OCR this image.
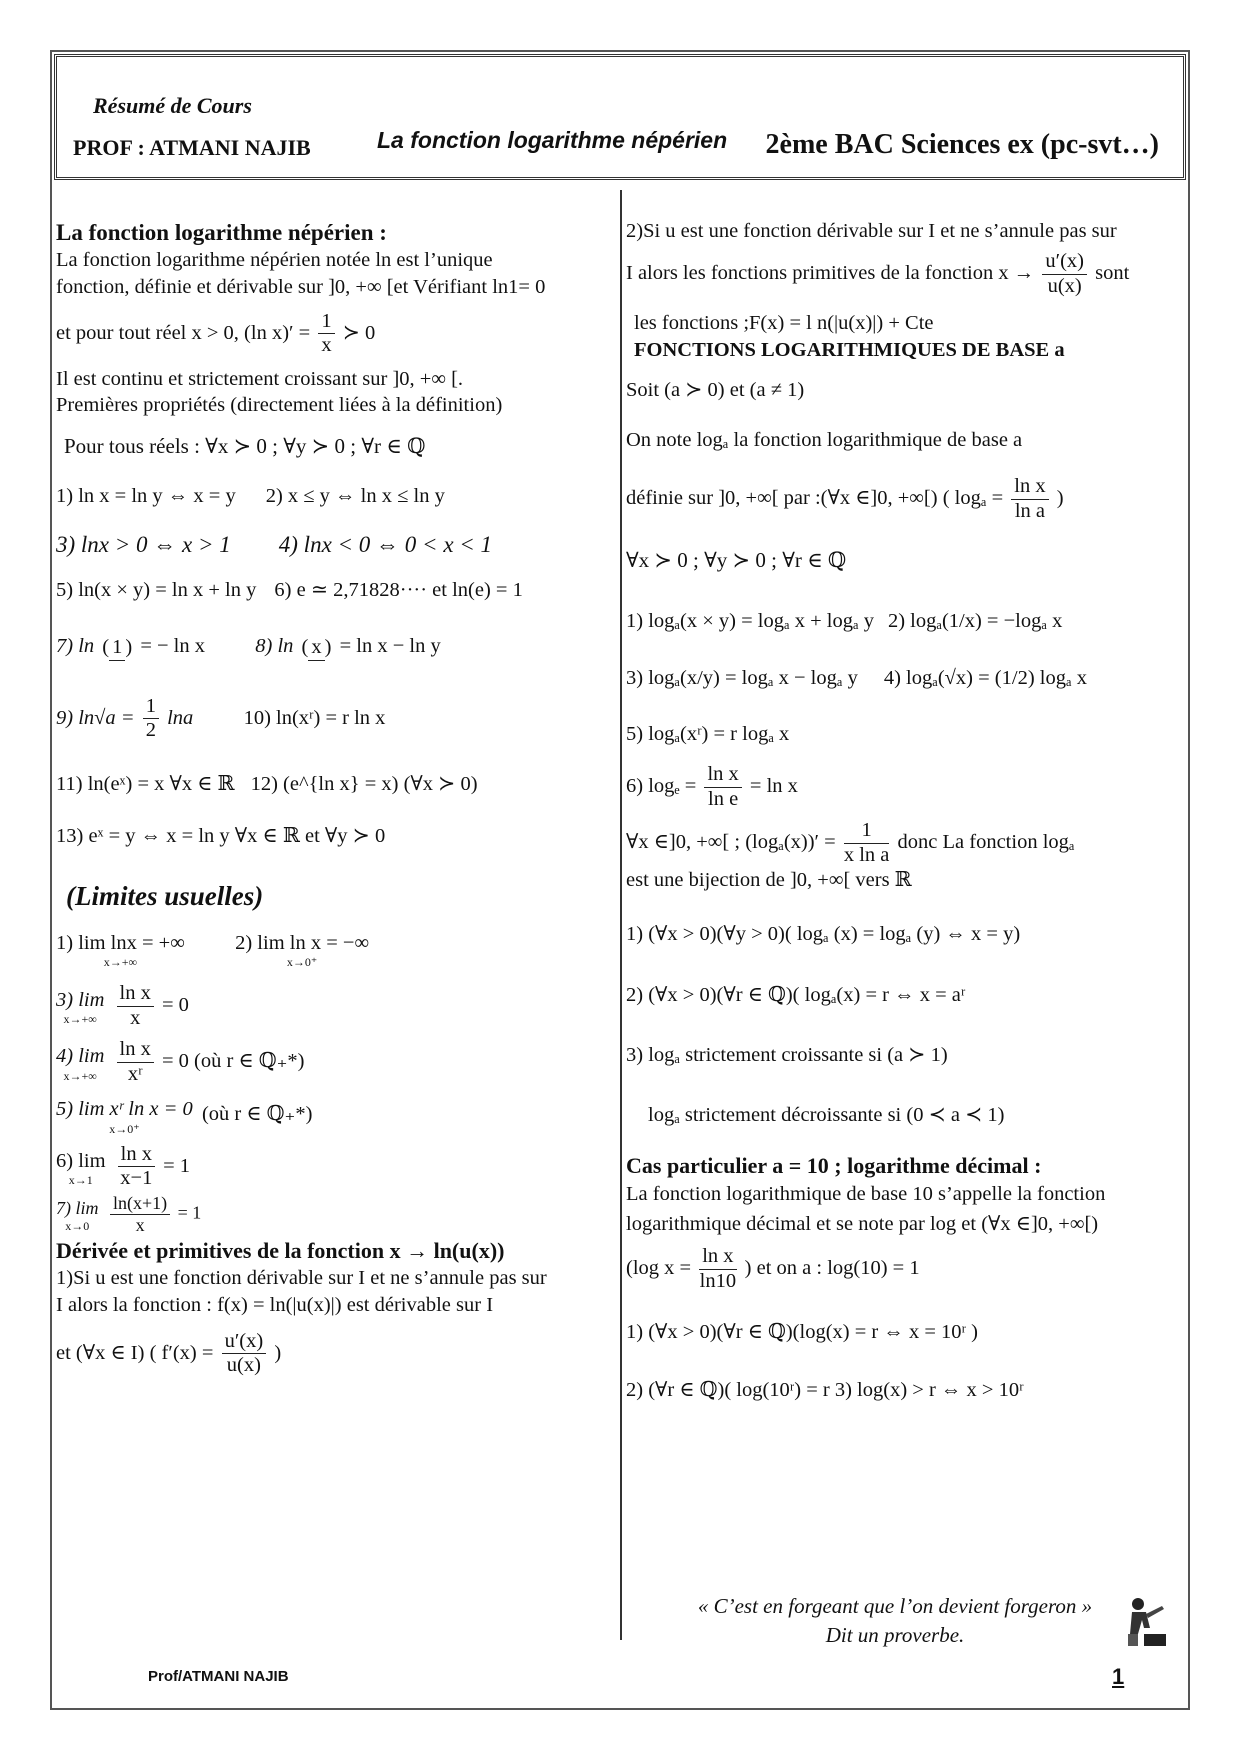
Résumé de Cours
PROF : ATMANI NAJIB	La fonction logarithme népérien 2ème BAC Sciences ex (pc-svt…)

La fonction logarithme népérien :

La fonction logarithme népérien notée ln est l’unique

fonction, définie et dérivable sur ]0, +∞ [et Vérifiant ln1= 0

et pour tout réel x > 0, (ln $x)' = \frac{1}{x}$ ≻ 0

Il est continu et strictement croissant sur ]0, +∞ [.

Premières propriétés (directement liées à la définition)

Pour tous réels : ∀x ≻ 0 ; ∀y ≻ 0 ; ∀r ∈ ℚ

1) ln x = ln y ⇔ x = y 2) x ≤ y ⇔ ln x ≤ ln y

3) lnx > 0 ⇔ x > 1 4) lnx < 0 ⇔ 0 < x < 1

5) ln(x × y) = ln x + ln y 6) e ≃ 2,71828···· et ln(e) = 1

7) ln ( 1 ) = − ln x 8) ln ( x ) = ln x − ln y

9) $\ln√a = \frac{1}{2}$ lna 10) ln(xʳ) = r ln x

11) ln(eˣ) = x ∀x ∈ ℝ 12) (e^{ln x} = x) (∀x ≻ 0)

13) eˣ = y ⇔ x = ln y ∀x ∈ ℝ et ∀y ≻ 0

(Limites usuelles)

1) lim lnx = +∞
x→+∞
2) lim ln x = −∞
x→0⁺

3) lim
x→+∞
$\frac{\text{ln x}}{x} = 0$

4) lim
x→+∞
$\frac{\text{ln x}}{\text{xʳ}} = 0$ (où r ∈ ℚ₊*)

5) lim xʳ ln x = 0
x→0⁺
(où r ∈ ℚ₊*)

6) lim
x→1
	$\frac{\text{ln x}}{x-1} = 1$

7) lim
x→0
	$\frac{\ln(x+1)}{x} = 1$

Dérivée et primitives de la fonction x → ln(u(x))

1)Si u est une fonction dérivable sur I et ne s’annule pas sur

I alors la fonction : f(x) = ln(|u(x)|) est dérivable sur I

et (∀x ∈ I) ( $f'(x) = \frac{u'(x)}{u(x)}$ )

2)Si u est une fonction dérivable sur I et ne s’annule pas sur

I alors les fonctions primitives de la fonction $x \to \frac{u'(x)}{u(x)}$ sont

les fonctions ;F(x) = l n(|u(x)|) + Cte

FONCTIONS LOGARITHMIQUES DE BASE a

Soit (a ≻ 0) et (a ≠ 1)

On note logₐ la fonction logarithmique de base a

définie sur ]0, +∞[ par :(∀x ∈]0, +∞[) ( $\log_a = \frac{\text{ln x}}{\text{ln a}}$ )

∀x ≻ 0 ; ∀y ≻ 0 ; ∀r ∈ ℚ

1) logₐ(x × y) = logₐ x + logₐ y 2) logₐ(1/x) = −logₐ x

3) logₐ(x/y) = logₐ x − logₐ y 4) logₐ(√x) = (1/2) logₐ x

5) logₐ(xʳ) = r logₐ x

6) $\log_e = \frac{\text{ln x}}{\text{ln e}} = \ln x$

∀x ∈]0, +∞[ ; $(\log_a(x))' = \frac{1}{\text{x ln a}}$ donc La fonction logₐ

est une bijection de ]0, +∞[ vers ℝ

1) (∀x > 0)(∀y > 0)( logₐ (x) = logₐ (y) ⇔ x = y)

2) (∀x > 0)(∀r ∈ ℚ)( logₐ(x) = r ⇔ x = aʳ

3) logₐ strictement croissante si (a ≻ 1)

logₐ strictement décroissante si (0 ≺ a ≺ 1)

Cas particulier a = 10 ; logarithme décimal :

La fonction logarithmique de base 10 s’appelle la fonction

logarithmique décimal et se note par log et (∀x ∈]0, +∞[)

(log $x = \frac{\text{ln x}}{\ln 10}$ ) et on a : log(10) = 1

1) (∀x > 0)(∀r ∈ ℚ)(log(x) = r ⇔ x = 10ʳ )

2) (∀r ∈ ℚ)( log(10ʳ) = r 3) log(x) > r ⇔ x > 10ʳ

« C’est en forgeant que l’on devient forgeron »
Dit un proverbe.
Prof/ATMANI NAJIB	1
